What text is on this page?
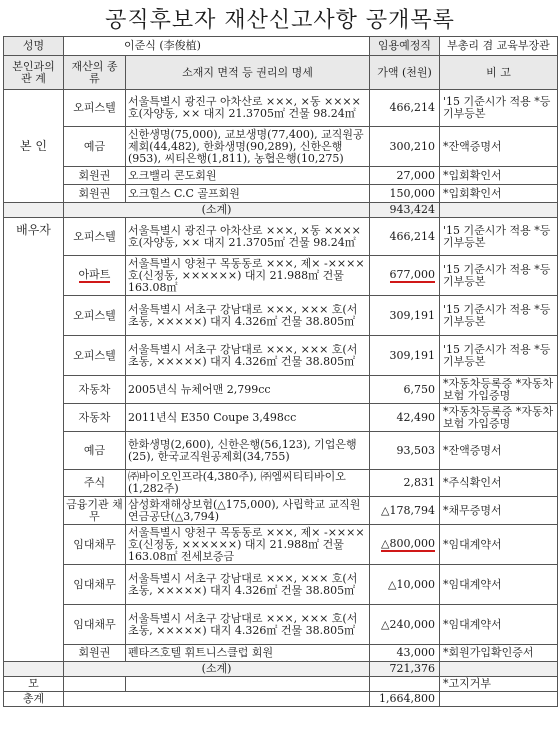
공직후보자 재산신고사항 공개목록
성명	이준식 (李俊植)		임용예정직	부총리 겸 교육부장관
본인과의 관 계	재산의 종 류	소재지 면적 등 권리의 명세	가액 (천원)	비 고
본 인	오피스텔	서울특별시 광진구 아차산로 ×××, ×동 ××××호(자양동, ×× 대지 21.3705㎡ 건물 98.24㎡	466,214	'15 기준시가 적용 *등기부등본
	예금	신한생명(75,000), 교보생명(77,400), 교직원공제회(44,482), 한화생명(90,289), 신한은행(953), 씨티은행(1,811), 농협은행(10,275)	300,210	*잔액증명서
	회원권	오크밸리 콘도회원	27,000	*입회확인서
	회원권	오크힐스 C.C 골프회원	150,000	*입회확인서
	(소계)		943,424	
배우자	오피스텔	서울특별시 광진구 아차산로 ×××, ×동 ××××호(자양동, ×× 대지 21.3705㎡ 건물 98.24㎡	466,214	'15 기준시가 적용 *등기부등본
	아파트	서울특별시 양천구 목동동로 ×××, 제× -××××호(신정동, ××××××) 대지 21.988㎡ 건물 163.08㎡	677,000	'15 기준시가 적용 *등기부등본
	오피스텔	서울특별시 서초구 강남대로 ×××, ××× 호(서초동, ×××××) 대지 4.326㎡ 건물 38.805㎡	309,191	'15 기준시가 적용 *등기부등본
	오피스텔	서울특별시 서초구 강남대로 ×××, ××× 호(서초동, ×××××) 대지 4.326㎡ 건물 38.805㎡	309,191	'15 기준시가 적용 *등기부등본
	자동차	2005년식 뉴체어맨 2,799cc	6,750	*자동차등록증 *자동차보험 가입증명
	자동차	2011년식 E350 Coupe 3,498cc	42,490	*자동차등록증 *자동차보험 가입증명
	예금	한화생명(2,600), 신한은행(56,123), 기업은행(25), 한국교직원공제회(34,755)	93,503	*잔액증명서
	주식	㈜바이오인프라(4,380주), ㈜엠씨티티바이오(1,282주)	2,831	*주식확인서
	금융기관 채무	삼성화재해상보험(△175,000), 사립학교 교직원연금공단(△3,794)	△178,794	*채무증명서
	임대채무	서울특별시 양천구 목동동로 ×××, 제× -××××호(신정동, ××××××) 대지 21.988㎡ 건물 163.08㎡ 전세보증금	△800,000	*임대계약서
	임대채무	서울특별시 서초구 강남대로 ×××, ××× 호(서초동, ×××××) 대지 4.326㎡ 건물 38.805㎡	△10,000	*임대계약서
	임대채무	서울특별시 서초구 강남대로 ×××, ××× 호(서초동, ×××××) 대지 4.326㎡ 건물 38.805㎡	△240,000	*임대계약서
	회원권	펜타즈호텔 휘트니스클럽 회원	43,000	*회원가입확인증서
	(소계)		721,376	
모				*고지거부
총계			1,664,800	
